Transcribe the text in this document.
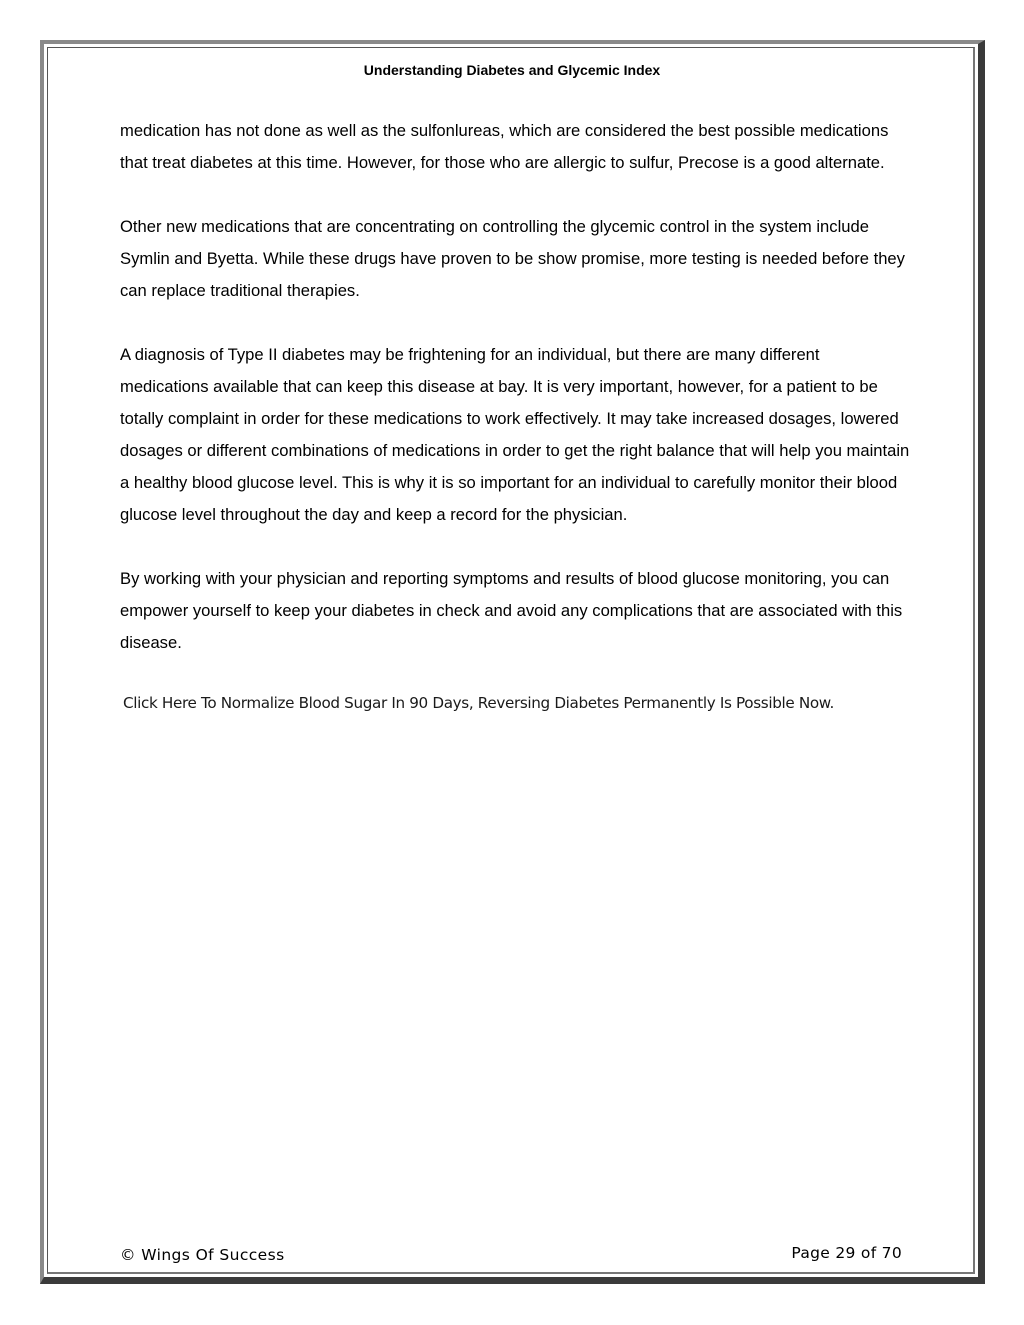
Understanding Diabetes and Glycemic Index

medication has not done as well as the sulfonlureas, which are considered the best possible medications that treat diabetes at this time. However, for those who are allergic to sulfur, Precose is a good alternate.

Other new medications that are concentrating on controlling the glycemic control in the system include Symlin and Byetta. While these drugs have proven to be show promise, more testing is needed before they can replace traditional therapies.

A diagnosis of Type II diabetes may be frightening for an individual, but there are many different medications available that can keep this disease at bay. It is very important, however, for a patient to be totally complaint in order for these medications to work effectively. It may take increased dosages, lowered dosages or different combinations of medications in order to get the right balance that will help you maintain a healthy blood glucose level. This is why it is so important for an individual to carefully monitor their blood glucose level throughout the day and keep a record for the physician.

By working with your physician and reporting symptoms and results of blood glucose monitoring, you can empower yourself to keep your diabetes in check and avoid any complications that are associated with this disease.

Click Here To Normalize Blood Sugar In 90 Days, Reversing Diabetes Permanently Is Possible Now.
© Wings Of Success	Page 29 of 70
